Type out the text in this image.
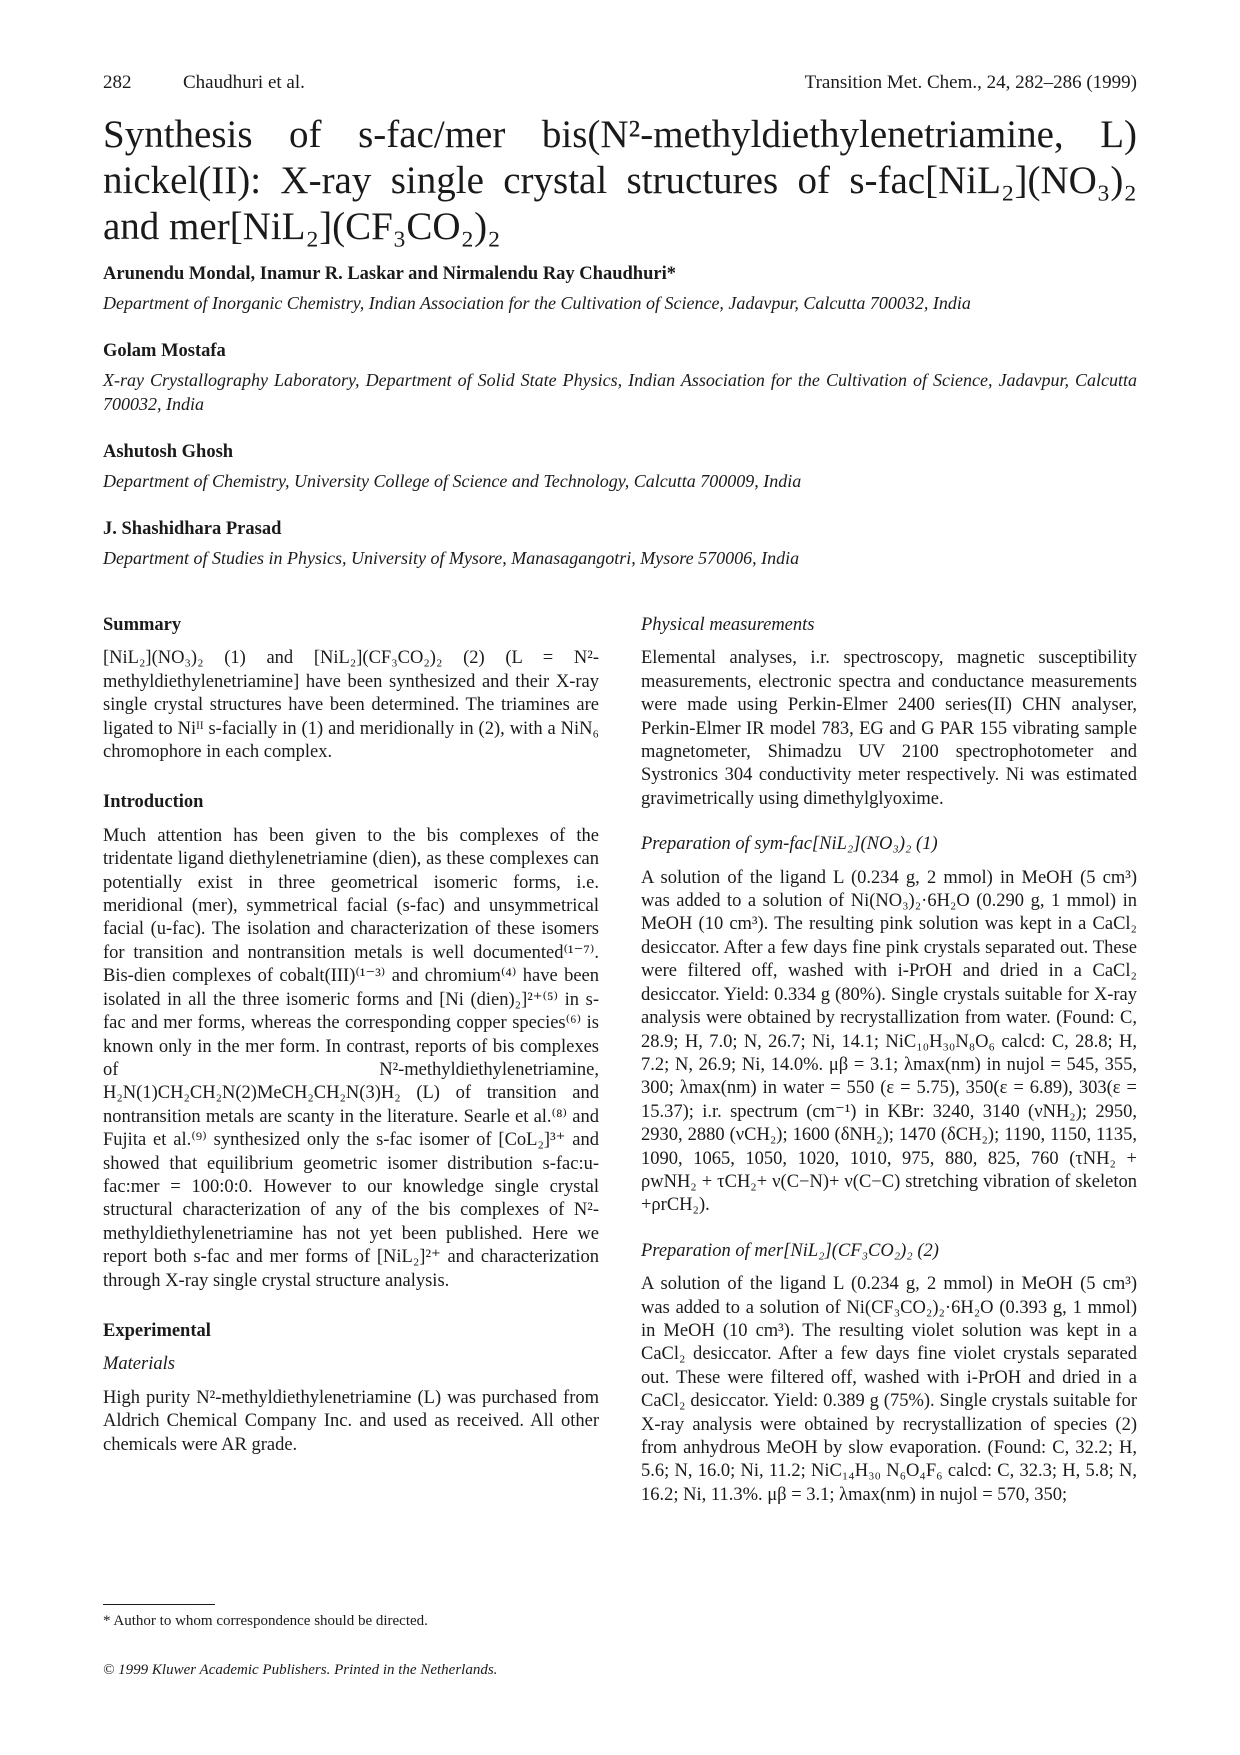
282	Chaudhuri et al.	Transition Met. Chem., 24, 282–286 (1999)
Synthesis of s-fac/mer bis(N²-methyldiethylenetriamine, L) nickel(II): X-ray single crystal structures of s-fac[NiL₂](NO₃)₂ and mer[NiL₂](CF₃CO₂)₂
Arunendu Mondal, Inamur R. Laskar and Nirmalendu Ray Chaudhuri*
Department of Inorganic Chemistry, Indian Association for the Cultivation of Science, Jadavpur, Calcutta 700032, India
Golam Mostafa
X-ray Crystallography Laboratory, Department of Solid State Physics, Indian Association for the Cultivation of Science, Jadavpur, Calcutta 700032, India
Ashutosh Ghosh
Department of Chemistry, University College of Science and Technology, Calcutta 700009, India
J. Shashidhara Prasad
Department of Studies in Physics, University of Mysore, Manasagangotri, Mysore 570006, India
Summary

[NiL₂](NO₃)₂ (1) and [NiL₂](CF₃CO₂)₂ (2) (L = N²-methyldiethylenetriamine] have been synthesized and their X-ray single crystal structures have been determined. The triamines are ligated to Niᴵᴵ s-facially in (1) and meridionally in (2), with a NiN₆ chromophore in each complex.

Introduction

Much attention has been given to the bis complexes of the tridentate ligand diethylenetriamine (dien), as these complexes can potentially exist in three geometrical isomeric forms, i.e. meridional (mer), symmetrical facial (s-fac) and unsymmetrical facial (u-fac). The isolation and characterization of these isomers for transition and nontransition metals is well documented⁽¹⁻⁷⁾. Bis-dien complexes of cobalt(III)⁽¹⁻³⁾ and chromium⁽⁴⁾ have been isolated in all the three isomeric forms and [Ni (dien)₂]²⁺⁽⁵⁾ in s-fac and mer forms, whereas the corresponding copper species⁽⁶⁾ is known only in the mer form. In contrast, reports of bis complexes of N²-methyldiethylenetriamine, H₂N(1)CH₂CH₂N(2)MeCH₂CH₂N(3)H₂ (L) of transition and nontransition metals are scanty in the literature. Searle et al.⁽⁸⁾ and Fujita et al.⁽⁹⁾ synthesized only the s-fac isomer of [CoL₂]³⁺ and showed that equilibrium geometric isomer distribution s-fac:u-fac:mer = 100:0:0. However to our knowledge single crystal structural characterization of any of the bis complexes of N²-methyldiethylenetriamine has not yet been published. Here we report both s-fac and mer forms of [NiL₂]²⁺ and characterization through X-ray single crystal structure analysis.

Experimental
Materials

High purity N²-methyldiethylenetriamine (L) was purchased from Aldrich Chemical Company Inc. and used as received. All other chemicals were AR grade.

Physical measurements

Elemental analyses, i.r. spectroscopy, magnetic susceptibility measurements, electronic spectra and conductance measurements were made using Perkin-Elmer 2400 series(II) CHN analyser, Perkin-Elmer IR model 783, EG and G PAR 155 vibrating sample magnetometer, Shimadzu UV 2100 spectrophotometer and Systronics 304 conductivity meter respectively. Ni was estimated gravimetrically using dimethylglyoxime.

Preparation of sym-fac[NiL₂](NO₃)₂ (1)

A solution of the ligand L (0.234 g, 2 mmol) in MeOH (5 cm³) was added to a solution of Ni(NO₃)₂·6H₂O (0.290 g, 1 mmol) in MeOH (10 cm³). The resulting pink solution was kept in a CaCl₂ desiccator. After a few days fine pink crystals separated out. These were filtered off, washed with i-PrOH and dried in a CaCl₂ desiccator. Yield: 0.334 g (80%). Single crystals suitable for X-ray analysis were obtained by recrystallization from water. (Found: C, 28.9; H, 7.0; N, 26.7; Ni, 14.1; NiC₁₀H₃₀N₈O₆ calcd: C, 28.8; H, 7.2; N, 26.9; Ni, 14.0%. μβ = 3.1; λmax(nm) in nujol = 545, 355, 300; λmax(nm) in water = 550 (ε = 5.75), 350(ε = 6.89), 303(ε = 15.37); i.r. spectrum (cm⁻¹) in KBr: 3240, 3140 (νNH₂); 2950, 2930, 2880 (νCH₂); 1600 (δNH₂); 1470 (δCH₂); 1190, 1150, 1135, 1090, 1065, 1050, 1020, 1010, 975, 880, 825, 760 (τNH₂ + ρwNH₂ + τCH₂+ ν(C−N)+ ν(C−C) stretching vibration of skeleton +ρrCH₂).

Preparation of mer[NiL₂](CF₃CO₂)₂ (2)

A solution of the ligand L (0.234 g, 2 mmol) in MeOH (5 cm³) was added to a solution of Ni(CF₃CO₂)₂·6H₂O (0.393 g, 1 mmol) in MeOH (10 cm³). The resulting violet solution was kept in a CaCl₂ desiccator. After a few days fine violet crystals separated out. These were filtered off, washed with i-PrOH and dried in a CaCl₂ desiccator. Yield: 0.389 g (75%). Single crystals suitable for X-ray analysis were obtained by recrystallization of species (2) from anhydrous MeOH by slow evaporation. (Found: C, 32.2; H, 5.6; N, 16.0; Ni, 11.2; NiC₁₄H₃₀ N₆O₄F₆ calcd: C, 32.3; H, 5.8; N, 16.2; Ni, 11.3%. μβ = 3.1; λmax(nm) in nujol = 570, 350;

* Author to whom correspondence should be directed.
© 1999 Kluwer Academic Publishers. Printed in the Netherlands.
